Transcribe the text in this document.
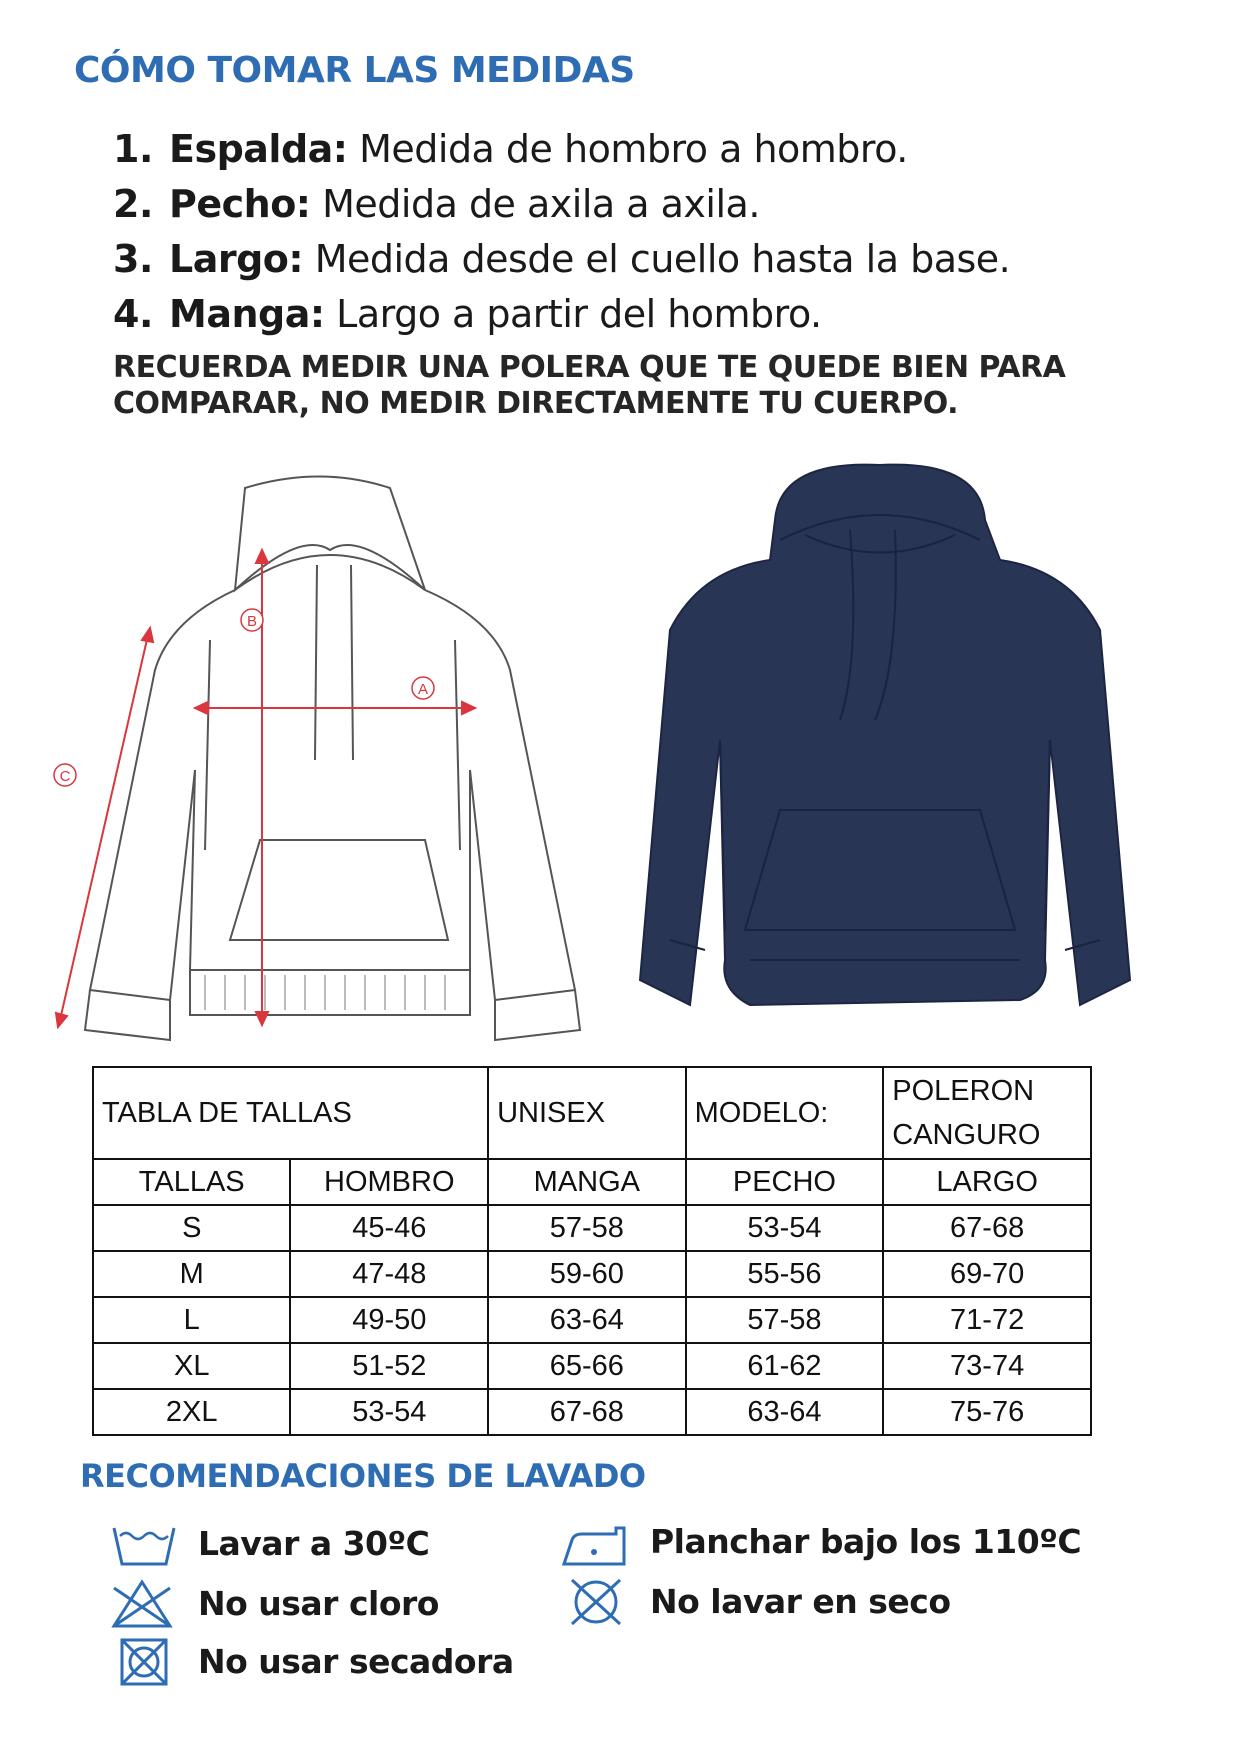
CÓMO TOMAR LAS MEDIDAS
1. Espalda: Medida de hombro a hombro.
2. Pecho: Medida de axila a axila.
3. Largo: Medida desde el cuello hasta la base.
4. Manga: Largo a partir del hombro.
RECUERDA MEDIR UNA POLERA QUE TE QUEDE BIEN PARA
COMPARAR, NO MEDIR DIRECTAMENTE TU CUERPO.
A
B
C
TABLA DE TALLAS		UNISEX	MODELO:	POLERON
CANGURO

TALLAS	HOMBRO	MANGA	PECHO	LARGO
S	45-46	57-58	53-54	67-68
M	47-48	59-60	55-56	69-70
L	49-50	63-64	57-58	71-72
XL	51-52	65-66	61-62	73-74
2XL	53-54	67-68	63-64	75-76
RECOMENDACIONES DE LAVADO
Lavar a 30ºC	Planchar bajo los 110ºC
No usar cloro	No lavar en seco
No usar secadora
